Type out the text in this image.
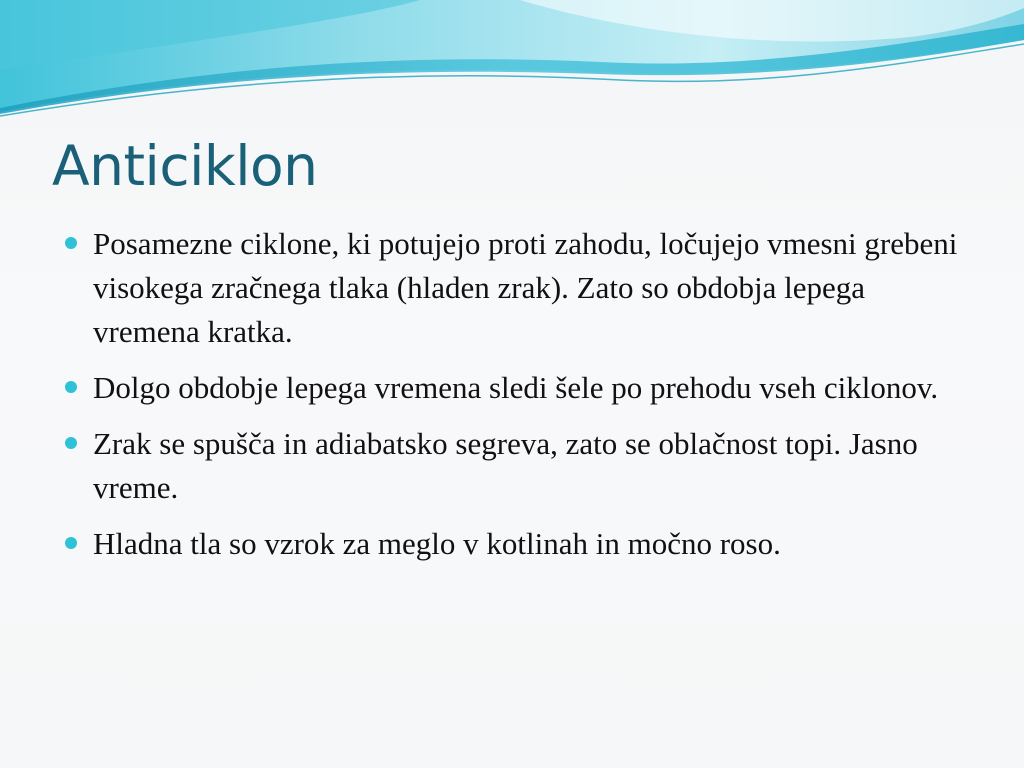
Anticiklon
Posamezne ciklone, ki potujejo proti zahodu, ločujejo vmesni grebeni visokega zračnega tlaka (hladen zrak). Zato so obdobja lepega vremena kratka.
Dolgo obdobje lepega vremena sledi šele po prehodu vseh ciklonov.
Zrak se spušča in adiabatsko segreva, zato se oblačnost topi. Jasno vreme.
Hladna tla so vzrok za meglo v kotlinah in močno roso.
